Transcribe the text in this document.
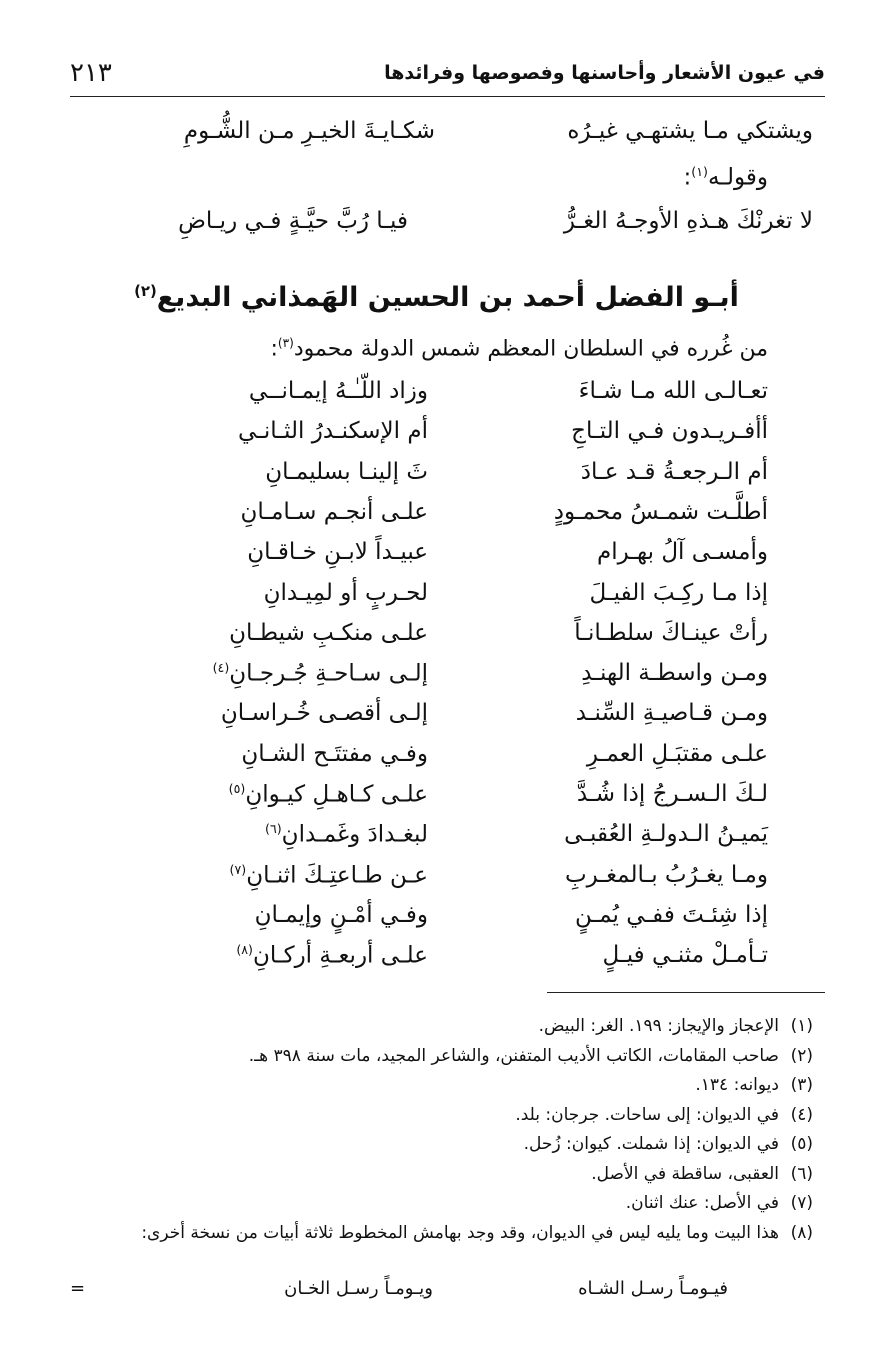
في عيون الأشعار وأحاسنها وفصوصها وفرائدها
٢١٣
ويشتكي مـا يشتهـي غيـرُه
شكـايـةَ الخيـرِ مـن الشُّـومِ
وقولـه$^{(١)}$:
لا تغرنْكَ هـذهِ الأوجـهُ الغـرُّ
فيـا رُبَّ حيَّـةٍ فـي ريـاضِ
أبـو الفضل أحمد بن الحسين الهَمذاني البديع$^{(٢)}$
من غُرره في السلطان المعظم شمس الدولة محمود$^{(٣)}$:
تعـالـى الله مـا شـاءَ
وزاد اللّـٰـهُ إيمـانــي
أأفـريـدون فـي التـاجِ
أم الإسكنـدرُ الثـانـي
أم الـرجعـةُ قـد عـادَ
ثَ إلينـا بسليمـانِ
أطلَّـت شمـسُ محمـودٍ
علـى أنجـم سـامـانِ
وأمسـى آلُ بهـرام
عبيـداً لابـنِ خـاقـانِ
إذا مـا ركِـبَ الفيـلَ
لحـربٍ أو لمِيـدانِ
رأتْ عينـاكَ سلطـانـاً
علـى منكـبِ شيطـانِ
ومـن واسطـة الهنـدِ
إلـى سـاحـةِ جُـرجـانِ$^{(٤)}$
ومـن قـاصيـةِ السِّنـد
إلـى أقصـى خُـراسـانِ
علـى مقتبَـلِ العمـرِ
وفـي مفتتَـح الشـانِ
لـكَ الـسـرجُ إذا شُـدَّ
علـى كـاهـلِ كيـوانِ$^{(٥)}$
يَميـنُ الـدولـةِ العُقبـى
لبغـدادَ وغَمـدانِ$^{(٦)}$
ومـا يغـرُبُ بـالمغـربِ
عـن طـاعتِـكَ اثنـانِ$^{(٧)}$
إذا شِئـتَ ففـي يُمـنٍ
وفـي أمْـنٍ وإيمـانِ
تـأمـلْ مثنـي فيـلٍ
علـى أربعـةِ أركـانِ$^{(٨)}$
(١)الإعجاز والإيجاز: ١٩٩. الغر: البيض.
(٢)صاحب المقامات، الكاتب الأديب المتفنن، والشاعر المجيد، مات سنة ٣٩٨ هـ.
(٣)ديوانه: ١٣٤.
(٤)في الديوان: إلى ساحات. جرجان: بلد.
(٥)في الديوان: إذا شملت. كيوان: زُحل.
(٦)العقبى، ساقطة في الأصل.
(٧)في الأصل: عنك اثنان.
(٨)هذا البيت وما يليه ليس في الديوان، وقد وجد بهامش المخطوط ثلاثة أبيات من نسخة أخرى:
فيـومـاً رسـل الشـاه
ويـومـاً رسـل الخـان
=
